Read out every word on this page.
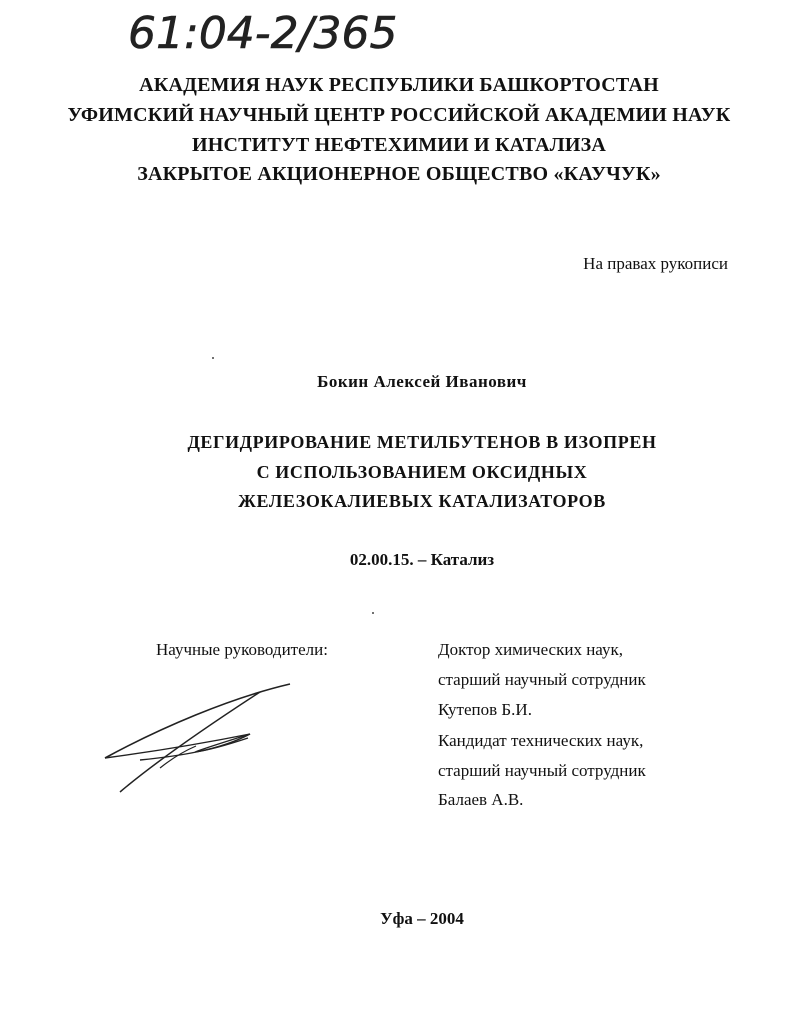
61:04-2/365
АКАДЕМИЯ НАУК РЕСПУБЛИКИ БАШКОРТОСТАН
УФИМСКИЙ НАУЧНЫЙ ЦЕНТР РОССИЙСКОЙ АКАДЕМИИ НАУК
ИНСТИТУТ НЕФТЕХИМИИ И КАТАЛИЗА
ЗАКРЫТОЕ АКЦИОНЕРНОЕ ОБЩЕСТВО «КАУЧУК»
На правах рукописи
Бокин Алексей Иванович
ДЕГИДРИРОВАНИЕ МЕТИЛБУТЕНОВ В ИЗОПРЕН
С ИСПОЛЬЗОВАНИЕМ ОКСИДНЫХ
ЖЕЛЕЗОКАЛИЕВЫХ КАТАЛИЗАТОРОВ
02.00.15. – Катализ
Научные руководители:	Доктор химических наук,
старший научный сотрудник
Кутепов Б.И.
Кандидат технических наук,
старший научный сотрудник
Балаев А.В.
Уфа – 2004
